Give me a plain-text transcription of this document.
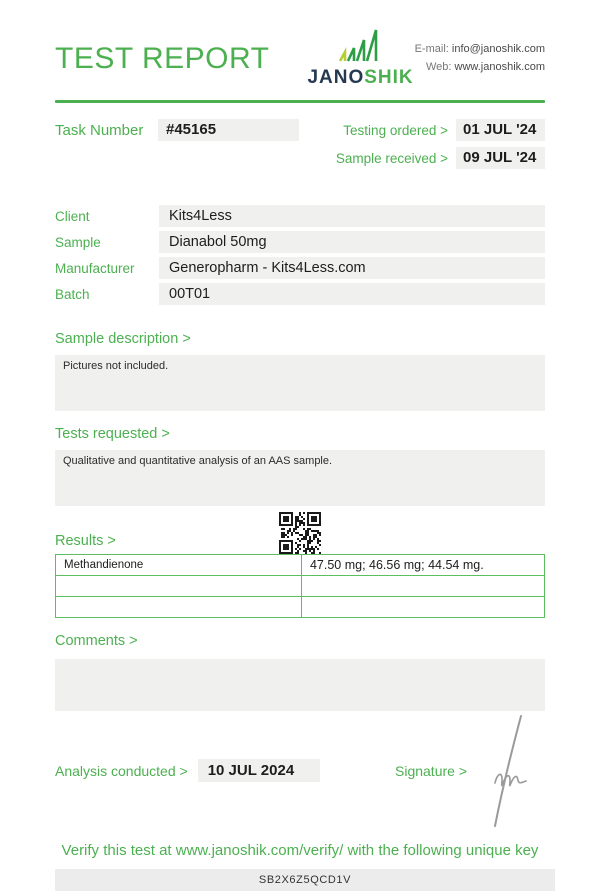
TEST REPORT
JANOSHIK
E-mail: info@janoshik.com
Web: www.janoshik.com
Task Number	#45165	Testing ordered >	01 JUL '24
Sample received >	09 JUL '24
Client	Kits4Less
Sample	Dianabol 50mg
Manufacturer	Generopharm - Kits4Less.com
Batch	00T01
Sample description >
Pictures not included.
Tests requested >
Qualitative and quantitative analysis of an AAS sample.
Results >
Methandienone	47.50 mg; 46.56 mg; 44.54 mg.

Comments >
Analysis conducted >	10 JUL 2024	Signature >
Verify this test at www.janoshik.com/verify/ with the following unique key
SB2X6Z5QCD1V
